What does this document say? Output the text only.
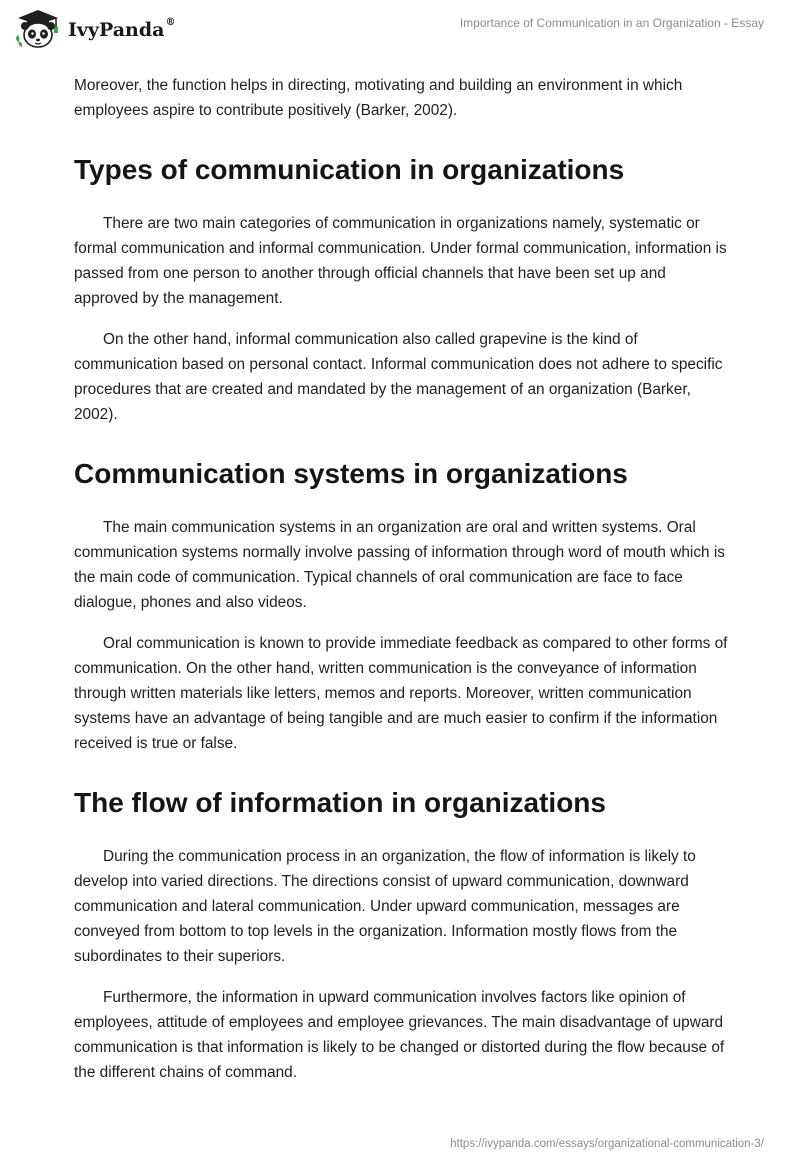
IvyPanda®	Importance of Communication in an Organization - Essay

Moreover, the function helps in directing, motivating and building an environment in which employees aspire to contribute positively (Barker, 2002).

Types of communication in organizations

There are two main categories of communication in organizations namely, systematic or formal communication and informal communication. Under formal communication, information is passed from one person to another through official channels that have been set up and approved by the management.

On the other hand, informal communication also called grapevine is the kind of communication based on personal contact. Informal communication does not adhere to specific procedures that are created and mandated by the management of an organization (Barker, 2002).

Communication systems in organizations

The main communication systems in an organization are oral and written systems. Oral communication systems normally involve passing of information through word of mouth which is the main code of communication. Typical channels of oral communication are face to face dialogue, phones and also videos.

Oral communication is known to provide immediate feedback as compared to other forms of communication. On the other hand, written communication is the conveyance of information through written materials like letters, memos and reports. Moreover, written communication systems have an advantage of being tangible and are much easier to confirm if the information received is true or false.

The flow of information in organizations

During the communication process in an organization, the flow of information is likely to develop into varied directions. The directions consist of upward communication, downward communication and lateral communication. Under upward communication, messages are conveyed from bottom to top levels in the organization. Information mostly flows from the subordinates to their superiors.

Furthermore, the information in upward communication involves factors like opinion of employees, attitude of employees and employee grievances. The main disadvantage of upward communication is that information is likely to be changed or distorted during the flow because of the different chains of command.

https://ivypanda.com/essays/organizational-communication-3/
